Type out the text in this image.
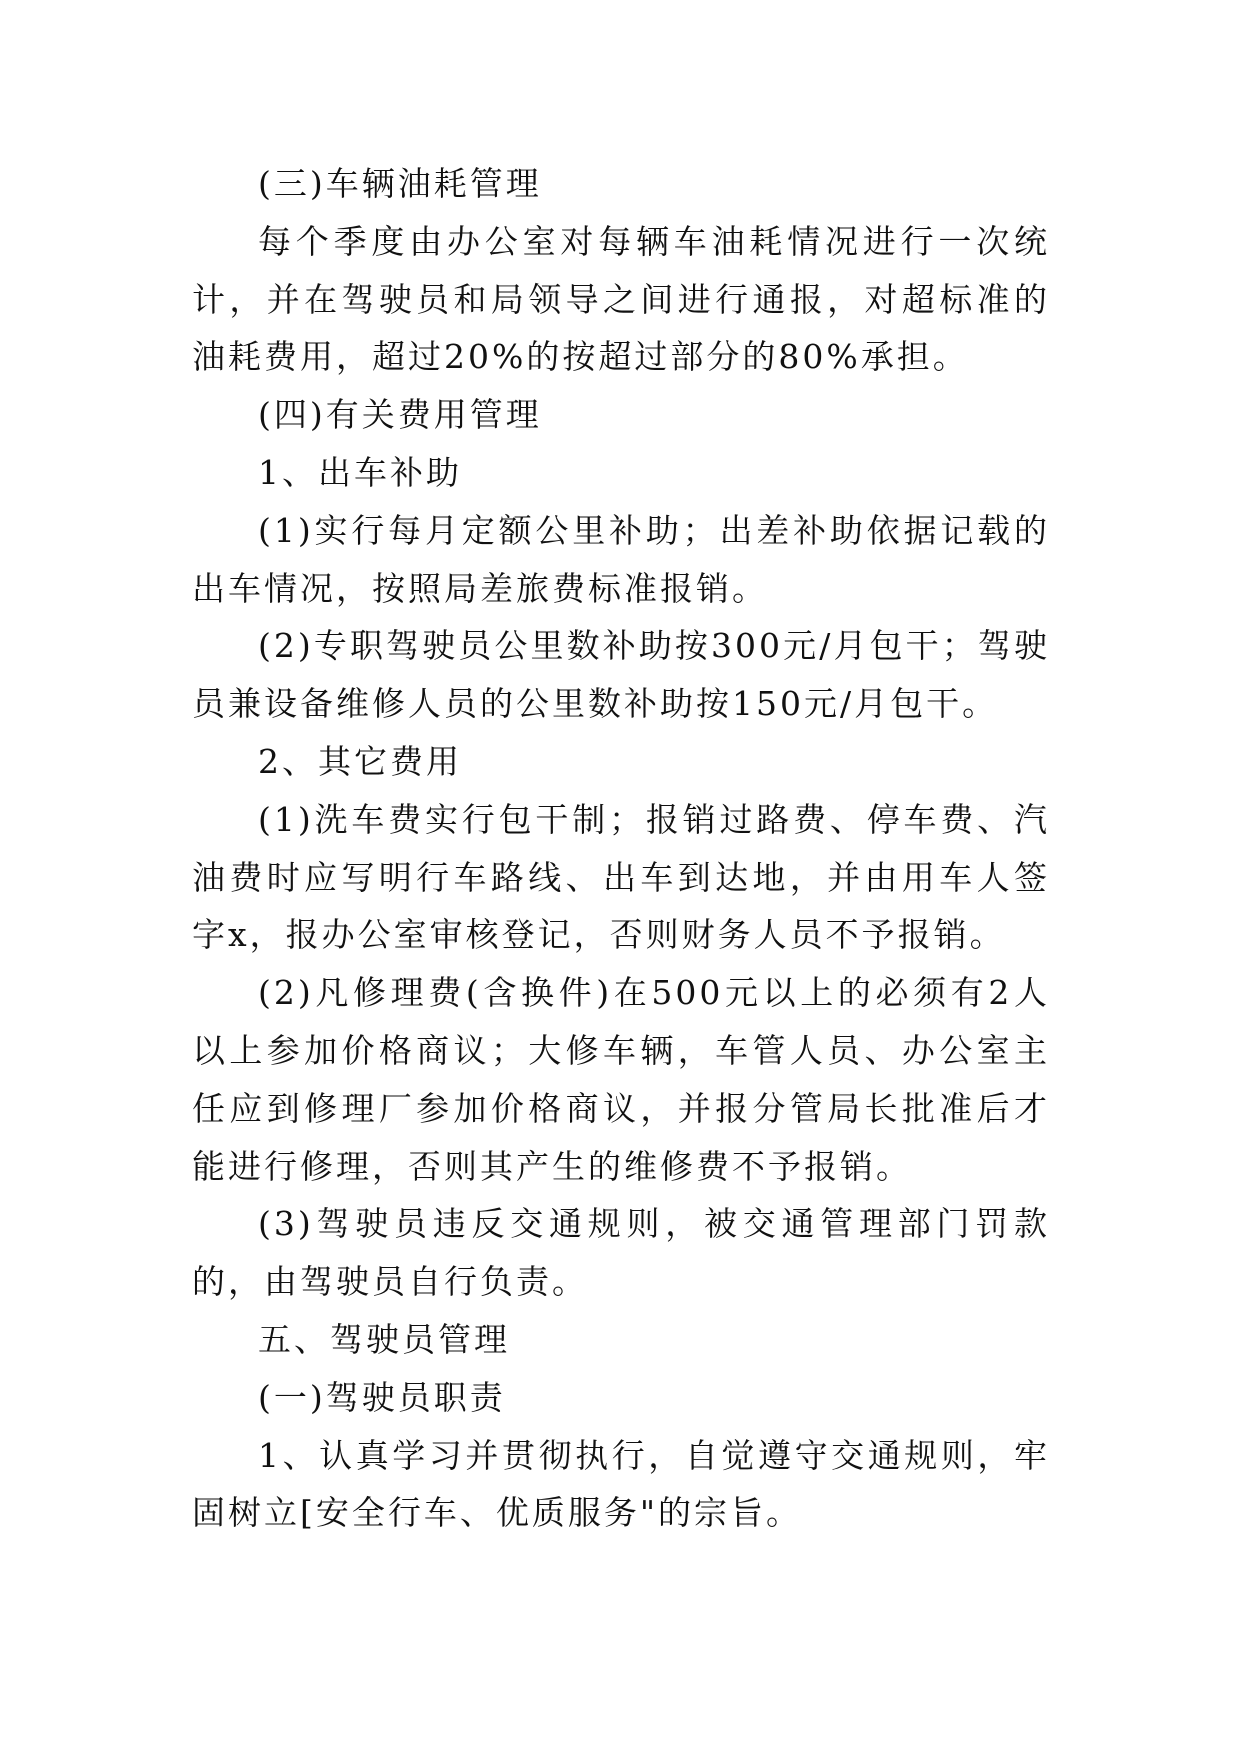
(三)车辆油耗管理

每个季度由办公室对每辆车油耗情况进行一次统计，并在驾驶员和局领导之间进行通报，对超标准的油耗费用，超过20%的按超过部分的80%承担。

(四)有关费用管理

1、出车补助

(1)实行每月定额公里补助；出差补助依据记载的出车情况，按照局差旅费标准报销。

(2)专职驾驶员公里数补助按300元/月包干；驾驶员兼设备维修人员的公里数补助按150元/月包干。

2、其它费用

(1)洗车费实行包干制；报销过路费、停车费、汽油费时应写明行车路线、出车到达地，并由用车人签字x，报办公室审核登记，否则财务人员不予报销。

(2)凡修理费(含换件)在500元以上的必须有2人以上参加价格商议；大修车辆，车管人员、办公室主任应到修理厂参加价格商议，并报分管局长批准后才能进行修理，否则其产生的维修费不予报销。

(3)驾驶员违反交通规则，被交通管理部门罚款的，由驾驶员自行负责。

五、驾驶员管理

(一)驾驶员职责

1、认真学习并贯彻执行，自觉遵守交通规则，牢固树立[安全行车、优质服务"的宗旨。
